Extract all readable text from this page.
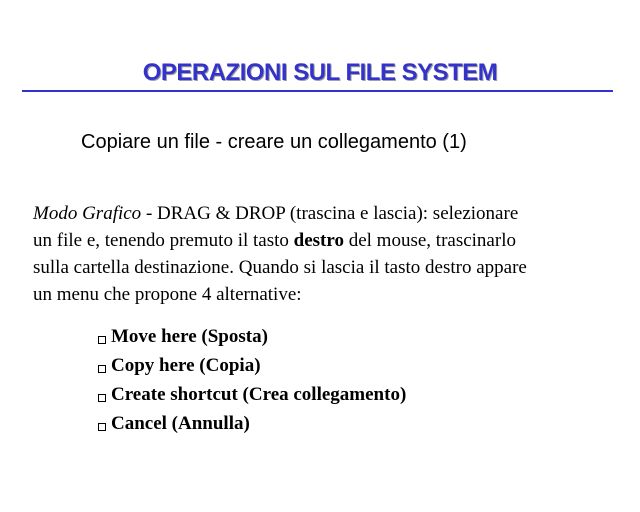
OPERAZIONI SUL FILE SYSTEM
Copiare un file - creare un collegamento (1)
Modo Grafico - DRAG & DROP (trascina e lascia): selezionare
un file e, tenendo premuto il tasto destro del mouse, trascinarlo
sulla cartella destinazione. Quando si lascia il tasto destro appare
un menu che propone 4 alternative:
Move here (Sposta)
Copy here (Copia)
Create shortcut (Crea collegamento)
Cancel (Annulla)
